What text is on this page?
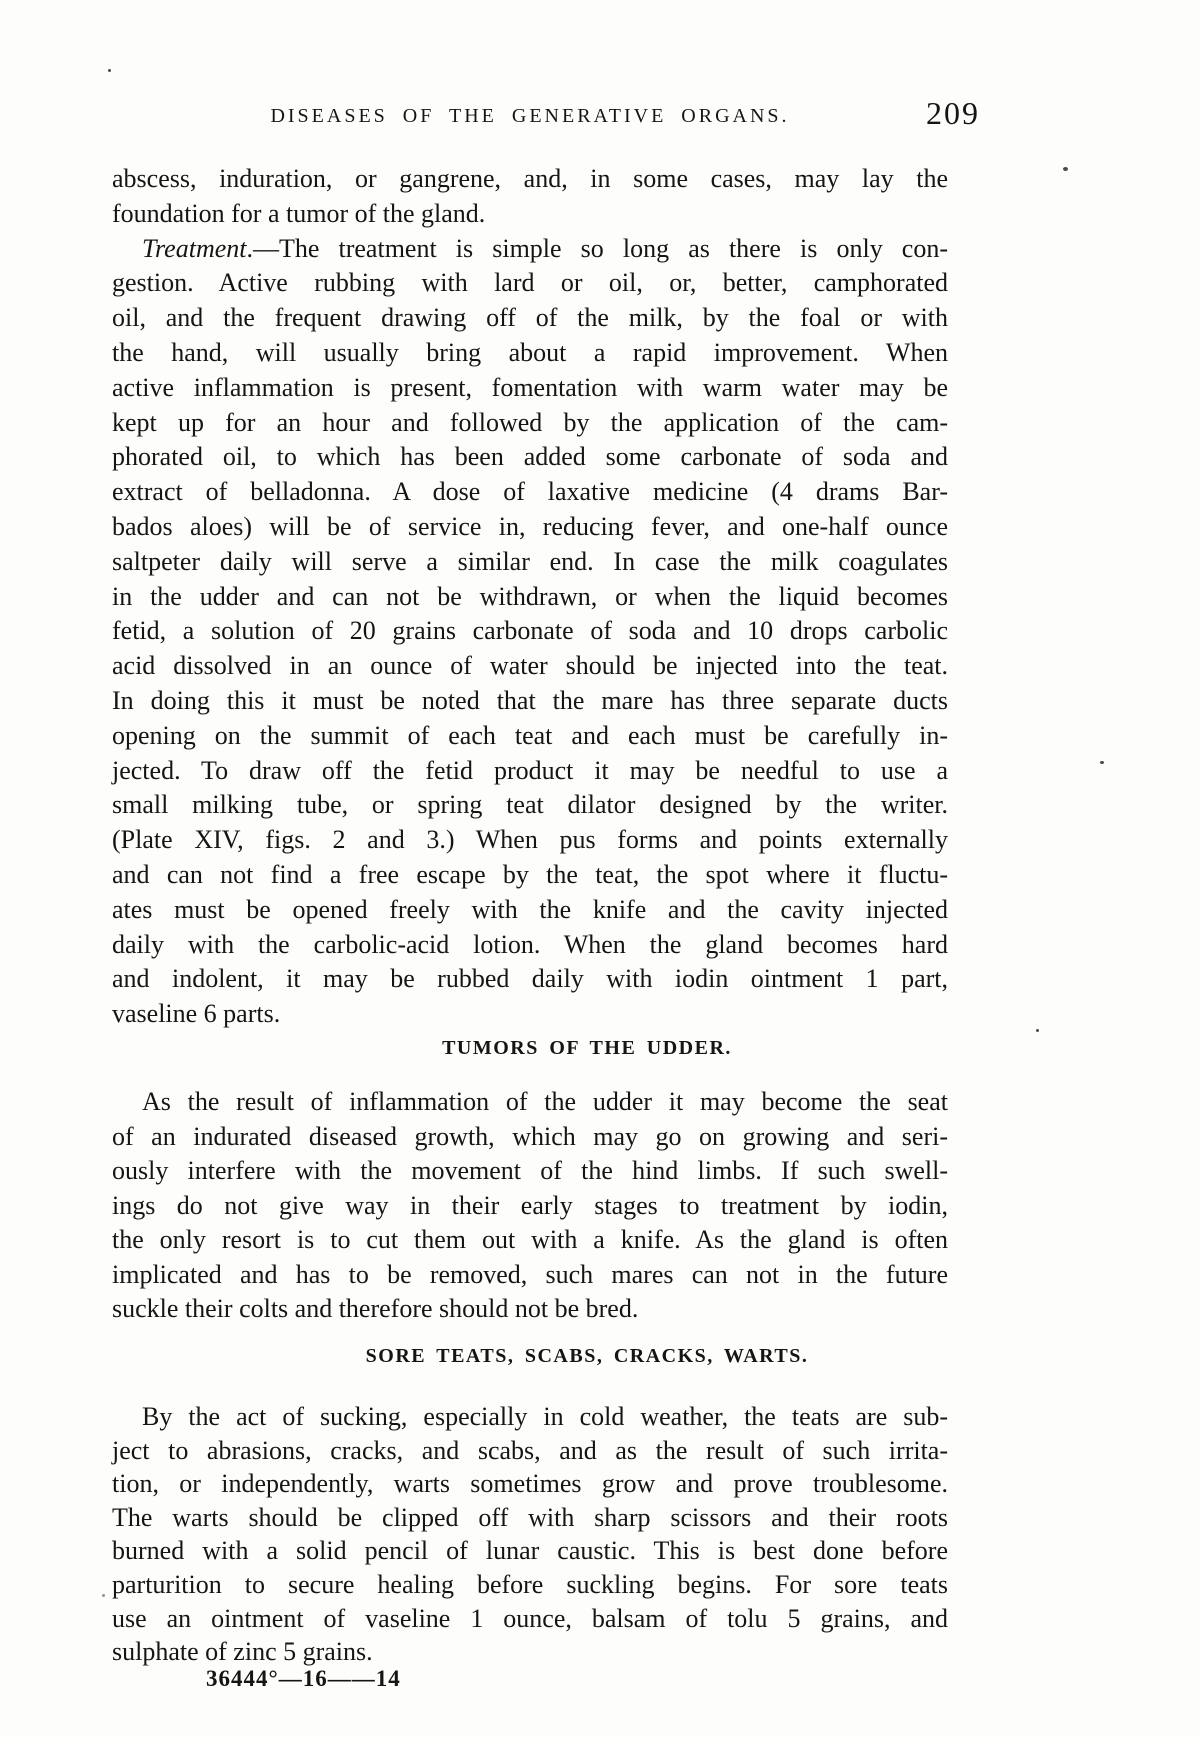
DISEASES OF THE GENERATIVE ORGANS.	209
abscess, induration, or gangrene, and, in some cases, may lay the
foundation for a tumor of the gland.
Treatment.—The treatment is simple so long as there is only con-
gestion. Active rubbing with lard or oil, or, better, camphorated
oil, and the frequent drawing off of the milk, by the foal or with
the hand, will usually bring about a rapid improvement. When
active inflammation is present, fomentation with warm water may be
kept up for an hour and followed by the application of the cam-
phorated oil, to which has been added some carbonate of soda and
extract of belladonna. A dose of laxative medicine (4 drams Bar-
bados aloes) will be of service in, reducing fever, and one-half ounce
saltpeter daily will serve a similar end. In case the milk coagulates
in the udder and can not be withdrawn, or when the liquid becomes
fetid, a solution of 20 grains carbonate of soda and 10 drops carbolic
acid dissolved in an ounce of water should be injected into the teat.
In doing this it must be noted that the mare has three separate ducts
opening on the summit of each teat and each must be carefully in-
jected. To draw off the fetid product it may be needful to use a
small milking tube, or spring teat dilator designed by the writer.
(Plate XIV, figs. 2 and 3.) When pus forms and points externally
and can not find a free escape by the teat, the spot where it fluctu-
ates must be opened freely with the knife and the cavity injected
daily with the carbolic-acid lotion. When the gland becomes hard
and indolent, it may be rubbed daily with iodin ointment 1 part,
vaseline 6 parts.
TUMORS OF THE UDDER.
As the result of inflammation of the udder it may become the seat
of an indurated diseased growth, which may go on growing and seri-
ously interfere with the movement of the hind limbs. If such swell-
ings do not give way in their early stages to treatment by iodin,
the only resort is to cut them out with a knife. As the gland is often
implicated and has to be removed, such mares can not in the future
suckle their colts and therefore should not be bred.
SORE TEATS, SCABS, CRACKS, WARTS.
By the act of sucking, especially in cold weather, the teats are sub-
ject to abrasions, cracks, and scabs, and as the result of such irrita-
tion, or independently, warts sometimes grow and prove troublesome.
The warts should be clipped off with sharp scissors and their roots
burned with a solid pencil of lunar caustic. This is best done before
parturition to secure healing before suckling begins. For sore teats
use an ointment of vaseline 1 ounce, balsam of tolu 5 grains, and
sulphate of zinc 5 grains.
36444°—16——14
